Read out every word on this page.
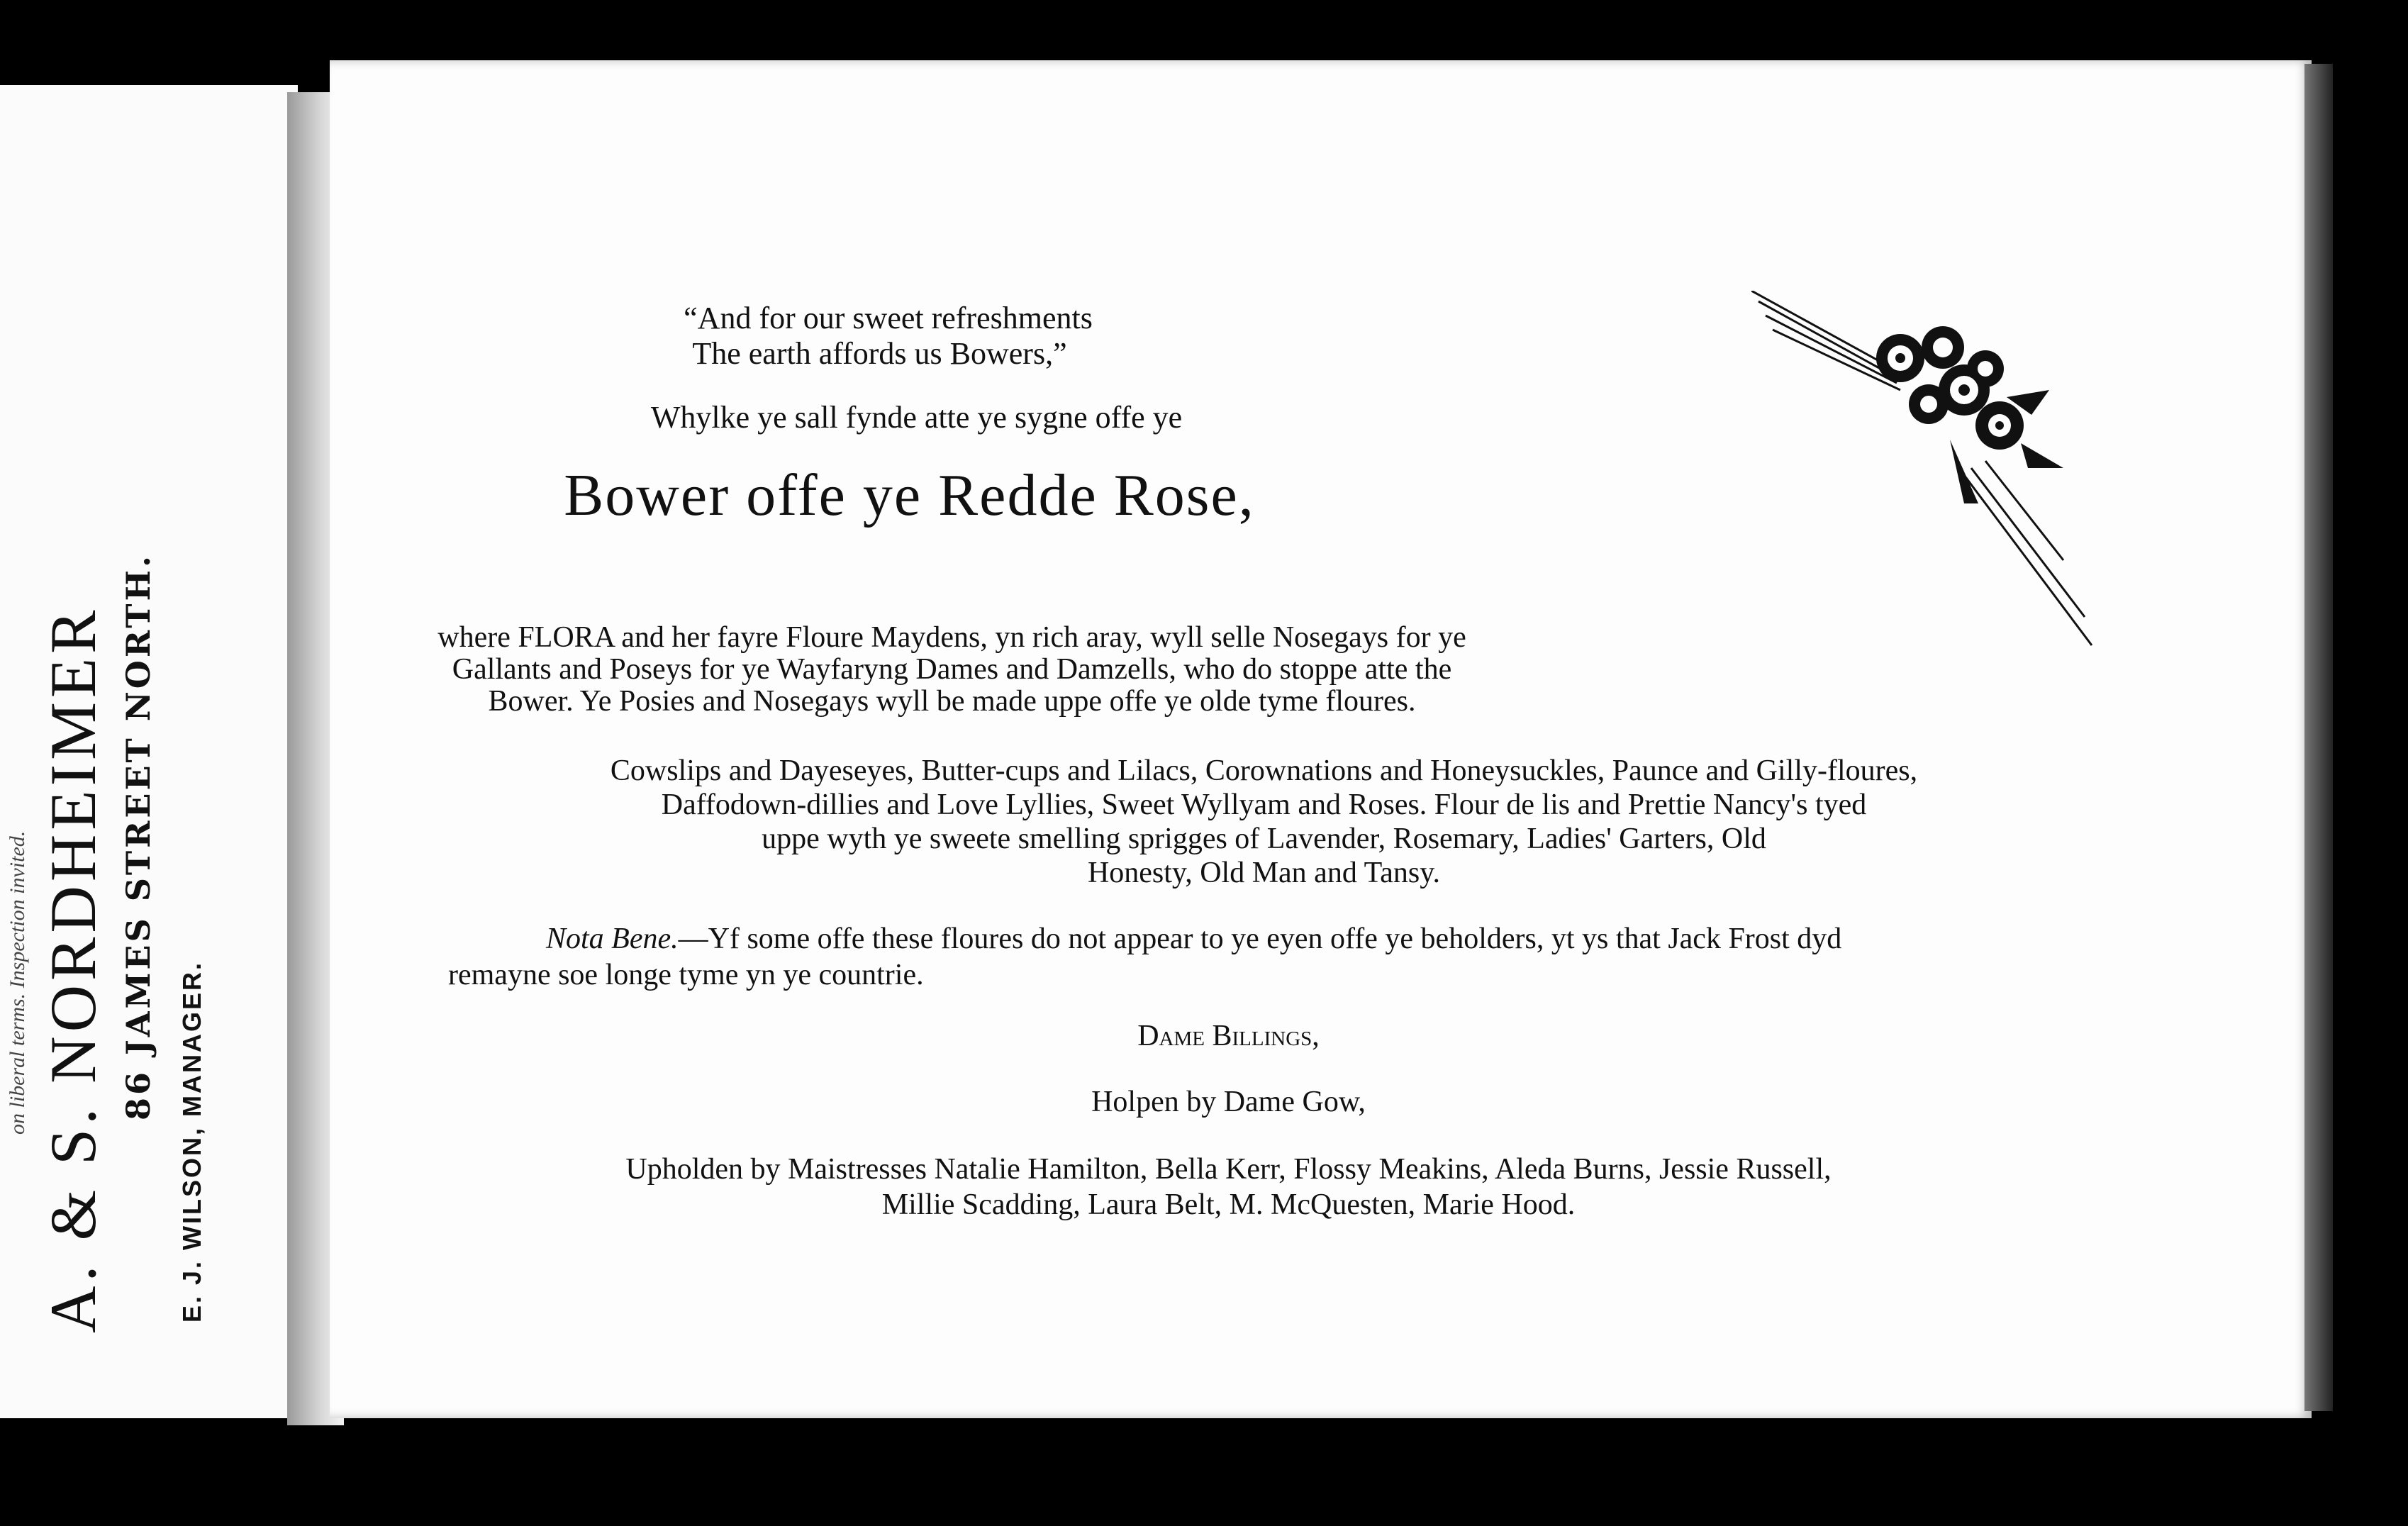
on liberal terms. Inspection invited. A. & S. NORDHEIMER 86 JAMES STREET NORTH.
E. J. WILSON, MANAGER.
“And for our sweet refreshments
The earth affords us Bowers,”
Whylke ye sall fynde atte ye sygne offe ye
Bower offe ye Redde Rose,
where FLORA and her fayre Floure Maydens, yn rich aray, wyll selle Nosegays for ye
Gallants and Poseys for ye Wayfaryng Dames and Damzells, who do stoppe atte the
Bower. Ye Posies and Nosegays wyll be made uppe offe ye olde tyme floures.
Cowslips and Dayeseyes, Butter-cups and Lilacs, Corownations and Honeysuckles, Paunce and Gilly-floures,
Daffodown-dillies and Love Lyllies, Sweet Wyllyam and Roses. Flour de lis and Prettie Nancy's tyed
uppe wyth ye sweete smelling sprigges of Lavender, Rosemary, Ladies' Garters, Old
Honesty, Old Man and Tansy.
Nota Bene.—Yf some offe these floures do not appear to ye eyen offe ye beholders, yt ys that Jack Frost dyd
remayne soe longe tyme yn ye countrie.
Dame Billings,
Holpen by Dame Gow,
Upholden by Maistresses Natalie Hamilton, Bella Kerr, Flossy Meakins, Aleda Burns, Jessie Russell,
Millie Scadding, Laura Belt, M. McQuesten, Marie Hood.
